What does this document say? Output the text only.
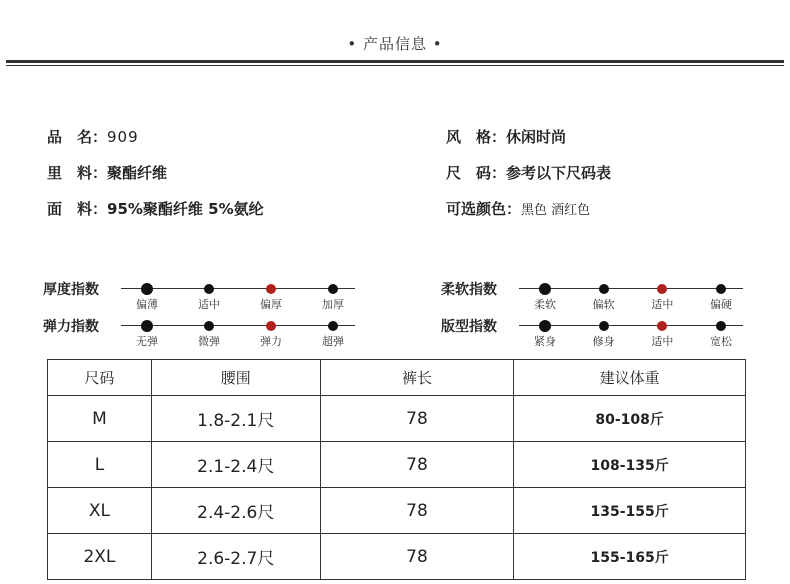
• 产品信息 •
品　名：909
里　料：聚酯纤维
面　料：95%聚酯纤维 5%氨纶
风　格：休闲时尚
尺　码：参考以下尺码表
可选颜色：黑色 酒红色
厚度指数
偏薄	适中	偏厚	加厚
弹力指数
无弹	微弹	弹力	超弹
柔软指数
柔软	偏软	适中	偏硬
版型指数
紧身	修身	适中	宽松
尺码	腰围	裤长	建议体重
M	1.8-2.1尺	78	80-108斤
L	2.1-2.4尺	78	108-135斤
XL	2.4-2.6尺	78	135-155斤
2XL	2.6-2.7尺	78	155-165斤
